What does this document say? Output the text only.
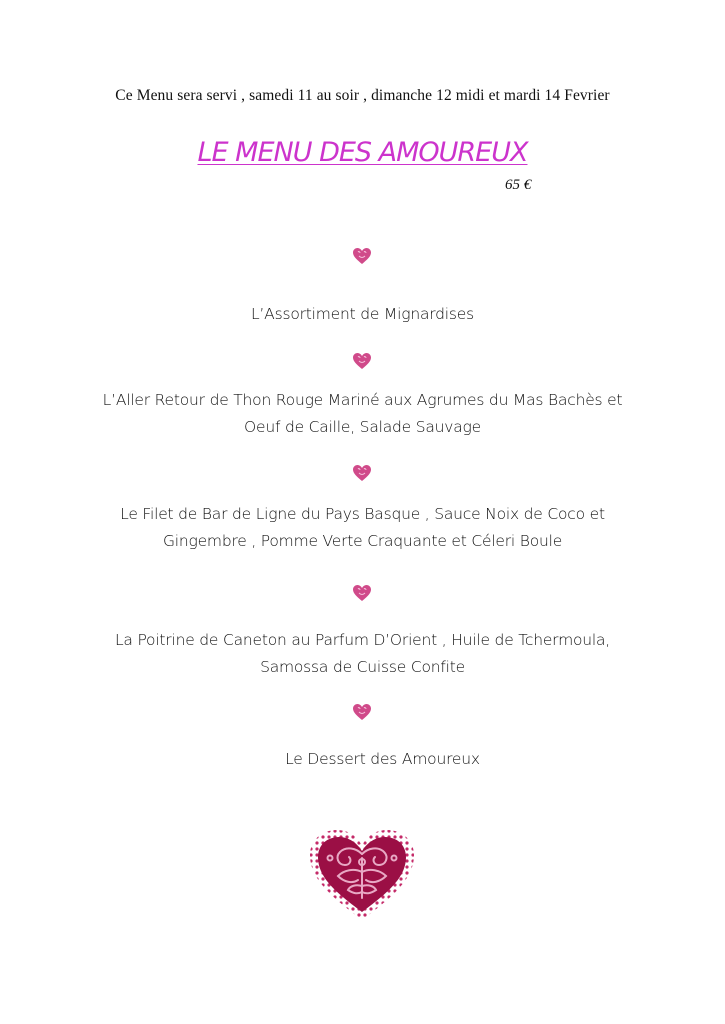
Ce Menu sera servi , samedi 11 au soir , dimanche 12 midi et mardi 14 Fevrier
LE MENU DES AMOUREUX
65 €
L’Assortiment de Mignardises
L’Aller Retour de Thon Rouge Mariné aux Agrumes du Mas Bachès et
Oeuf de Caille, Salade Sauvage
Le Filet de Bar de Ligne du Pays Basque , Sauce Noix de Coco et
Gingembre , Pomme Verte Craquante et Céleri Boule
La Poitrine de Caneton au Parfum D’Orient , Huile de Tchermoula,
Samossa de Cuisse Confite
Le Dessert des Amoureux
